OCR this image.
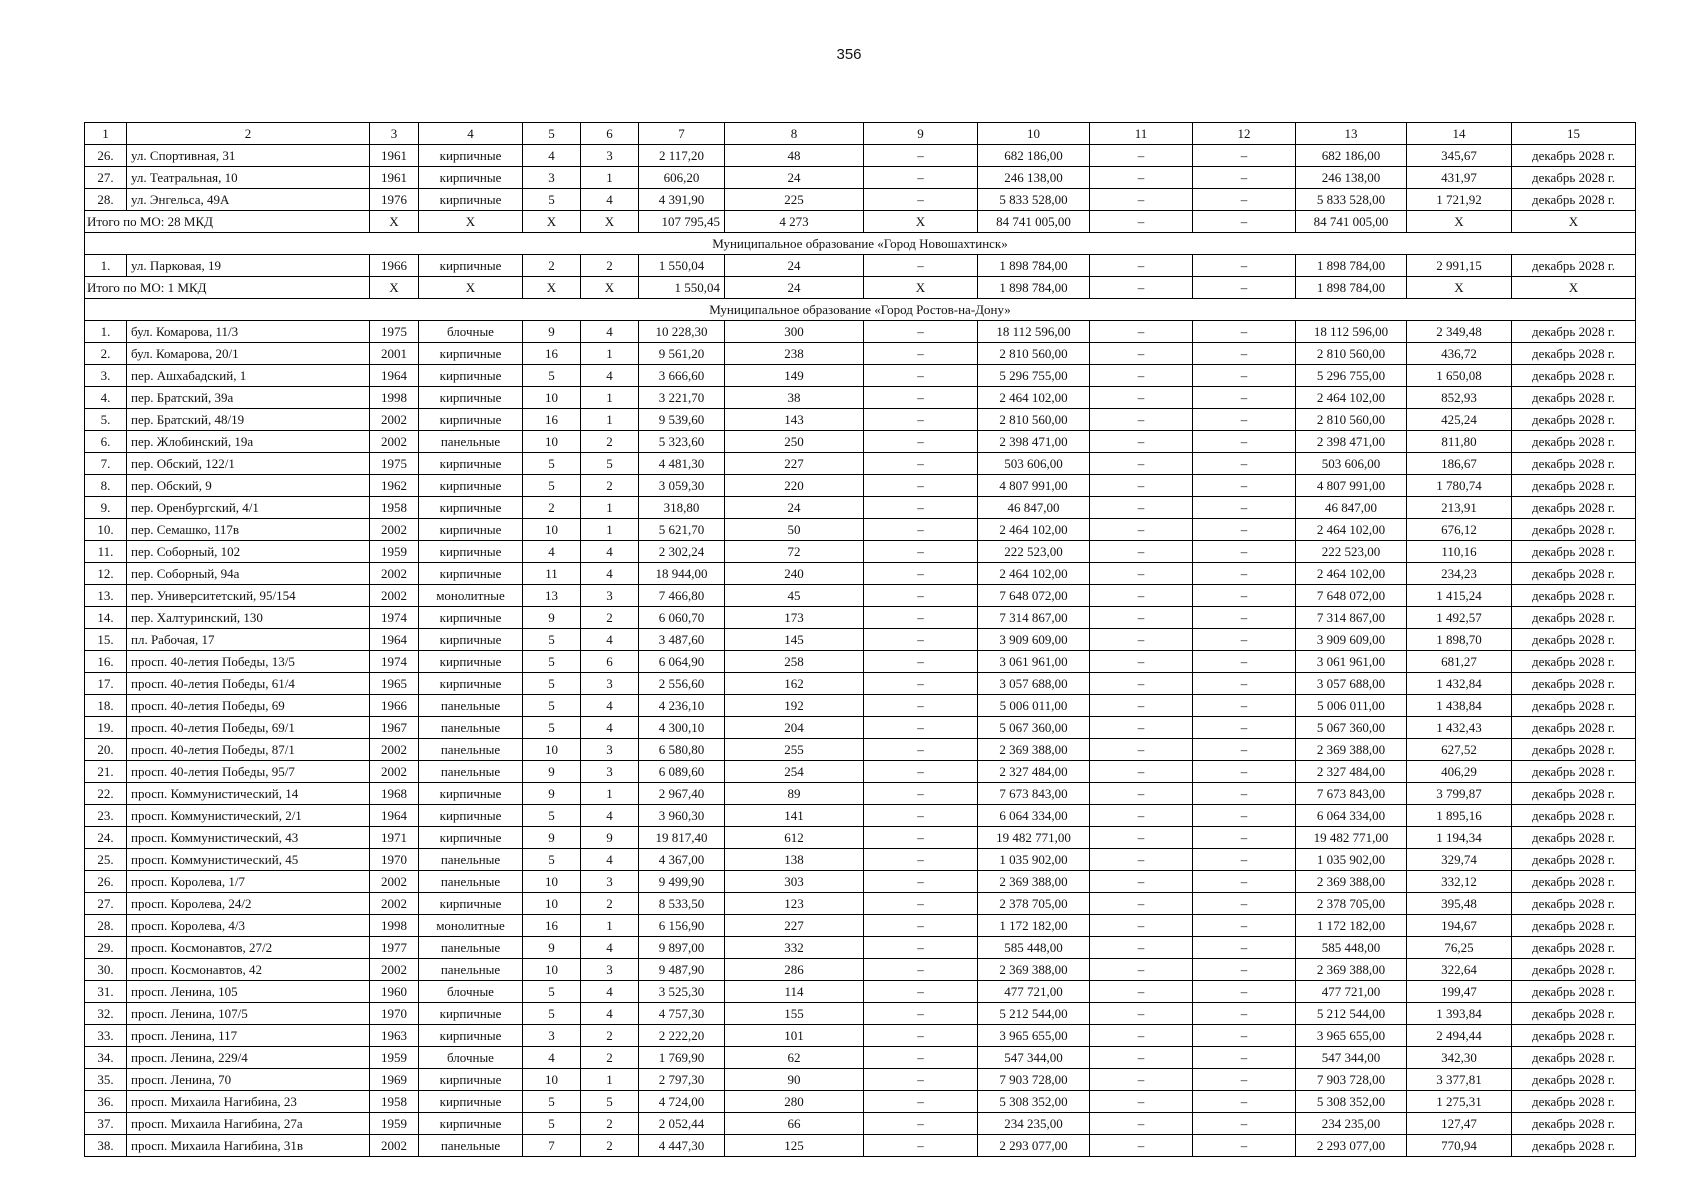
356
1	2	3	4	5	6	7	8	9	10	11	12	13	14	15
26.	ул. Спортивная, 31	1961	кирпичные	4	3	2 117,20	48	–	682 186,00	–	–	682 186,00	345,67	декабрь 2028 г.
27.	ул. Театральная, 10	1961	кирпичные	3	1	606,20	24	–	246 138,00	–	–	246 138,00	431,97	декабрь 2028 г.
28.	ул. Энгельса, 49А	1976	кирпичные	5	4	4 391,90	225	–	5 833 528,00	–	–	5 833 528,00	1 721,92	декабрь 2028 г.
Итого по МО: 28 МКД		X	X	X	X	107 795,45	4 273	X	84 741 005,00	–	–	84 741 005,00	X	X
Муниципальное образование «Город Новошахтинск»														
1.	ул. Парковая, 19	1966	кирпичные	2	2	1 550,04	24	–	1 898 784,00	–	–	1 898 784,00	2 991,15	декабрь 2028 г.
Итого по МО: 1 МКД		X	X	X	X	1 550,04	24	X	1 898 784,00	–	–	1 898 784,00	X	X
Муниципальное образование «Город Ростов-на-Дону»														
1.	бул. Комарова, 11/3	1975	блочные	9	4	10 228,30	300	–	18 112 596,00	–	–	18 112 596,00	2 349,48	декабрь 2028 г.
2.	бул. Комарова, 20/1	2001	кирпичные	16	1	9 561,20	238	–	2 810 560,00	–	–	2 810 560,00	436,72	декабрь 2028 г.
3.	пер. Ашхабадский, 1	1964	кирпичные	5	4	3 666,60	149	–	5 296 755,00	–	–	5 296 755,00	1 650,08	декабрь 2028 г.
4.	пер. Братский, 39а	1998	кирпичные	10	1	3 221,70	38	–	2 464 102,00	–	–	2 464 102,00	852,93	декабрь 2028 г.
5.	пер. Братский, 48/19	2002	кирпичные	16	1	9 539,60	143	–	2 810 560,00	–	–	2 810 560,00	425,24	декабрь 2028 г.
6.	пер. Жлобинский, 19а	2002	панельные	10	2	5 323,60	250	–	2 398 471,00	–	–	2 398 471,00	811,80	декабрь 2028 г.
7.	пер. Обский, 122/1	1975	кирпичные	5	5	4 481,30	227	–	503 606,00	–	–	503 606,00	186,67	декабрь 2028 г.
8.	пер. Обский, 9	1962	кирпичные	5	2	3 059,30	220	–	4 807 991,00	–	–	4 807 991,00	1 780,74	декабрь 2028 г.
9.	пер. Оренбургский, 4/1	1958	кирпичные	2	1	318,80	24	–	46 847,00	–	–	46 847,00	213,91	декабрь 2028 г.
10.	пер. Семашко, 117в	2002	кирпичные	10	1	5 621,70	50	–	2 464 102,00	–	–	2 464 102,00	676,12	декабрь 2028 г.
11.	пер. Соборный, 102	1959	кирпичные	4	4	2 302,24	72	–	222 523,00	–	–	222 523,00	110,16	декабрь 2028 г.
12.	пер. Соборный, 94а	2002	кирпичные	11	4	18 944,00	240	–	2 464 102,00	–	–	2 464 102,00	234,23	декабрь 2028 г.
13.	пер. Университетский, 95/154	2002	монолитные	13	3	7 466,80	45	–	7 648 072,00	–	–	7 648 072,00	1 415,24	декабрь 2028 г.
14.	пер. Халтуринский, 130	1974	кирпичные	9	2	6 060,70	173	–	7 314 867,00	–	–	7 314 867,00	1 492,57	декабрь 2028 г.
15.	пл. Рабочая, 17	1964	кирпичные	5	4	3 487,60	145	–	3 909 609,00	–	–	3 909 609,00	1 898,70	декабрь 2028 г.
16.	просп. 40-летия Победы, 13/5	1974	кирпичные	5	6	6 064,90	258	–	3 061 961,00	–	–	3 061 961,00	681,27	декабрь 2028 г.
17.	просп. 40-летия Победы, 61/4	1965	кирпичные	5	3	2 556,60	162	–	3 057 688,00	–	–	3 057 688,00	1 432,84	декабрь 2028 г.
18.	просп. 40-летия Победы, 69	1966	панельные	5	4	4 236,10	192	–	5 006 011,00	–	–	5 006 011,00	1 438,84	декабрь 2028 г.
19.	просп. 40-летия Победы, 69/1	1967	панельные	5	4	4 300,10	204	–	5 067 360,00	–	–	5 067 360,00	1 432,43	декабрь 2028 г.
20.	просп. 40-летия Победы, 87/1	2002	панельные	10	3	6 580,80	255	–	2 369 388,00	–	–	2 369 388,00	627,52	декабрь 2028 г.
21.	просп. 40-летия Победы, 95/7	2002	панельные	9	3	6 089,60	254	–	2 327 484,00	–	–	2 327 484,00	406,29	декабрь 2028 г.
22.	просп. Коммунистический, 14	1968	кирпичные	9	1	2 967,40	89	–	7 673 843,00	–	–	7 673 843,00	3 799,87	декабрь 2028 г.
23.	просп. Коммунистический, 2/1	1964	кирпичные	5	4	3 960,30	141	–	6 064 334,00	–	–	6 064 334,00	1 895,16	декабрь 2028 г.
24.	просп. Коммунистический, 43	1971	кирпичные	9	9	19 817,40	612	–	19 482 771,00	–	–	19 482 771,00	1 194,34	декабрь 2028 г.
25.	просп. Коммунистический, 45	1970	панельные	5	4	4 367,00	138	–	1 035 902,00	–	–	1 035 902,00	329,74	декабрь 2028 г.
26.	просп. Королева, 1/7	2002	панельные	10	3	9 499,90	303	–	2 369 388,00	–	–	2 369 388,00	332,12	декабрь 2028 г.
27.	просп. Королева, 24/2	2002	кирпичные	10	2	8 533,50	123	–	2 378 705,00	–	–	2 378 705,00	395,48	декабрь 2028 г.
28.	просп. Королева, 4/3	1998	монолитные	16	1	6 156,90	227	–	1 172 182,00	–	–	1 172 182,00	194,67	декабрь 2028 г.
29.	просп. Космонавтов, 27/2	1977	панельные	9	4	9 897,00	332	–	585 448,00	–	–	585 448,00	76,25	декабрь 2028 г.
30.	просп. Космонавтов, 42	2002	панельные	10	3	9 487,90	286	–	2 369 388,00	–	–	2 369 388,00	322,64	декабрь 2028 г.
31.	просп. Ленина, 105	1960	блочные	5	4	3 525,30	114	–	477 721,00	–	–	477 721,00	199,47	декабрь 2028 г.
32.	просп. Ленина, 107/5	1970	кирпичные	5	4	4 757,30	155	–	5 212 544,00	–	–	5 212 544,00	1 393,84	декабрь 2028 г.
33.	просп. Ленина, 117	1963	кирпичные	3	2	2 222,20	101	–	3 965 655,00	–	–	3 965 655,00	2 494,44	декабрь 2028 г.
34.	просп. Ленина, 229/4	1959	блочные	4	2	1 769,90	62	–	547 344,00	–	–	547 344,00	342,30	декабрь 2028 г.
35.	просп. Ленина, 70	1969	кирпичные	10	1	2 797,30	90	–	7 903 728,00	–	–	7 903 728,00	3 377,81	декабрь 2028 г.
36.	просп. Михаила Нагибина, 23	1958	кирпичные	5	5	4 724,00	280	–	5 308 352,00	–	–	5 308 352,00	1 275,31	декабрь 2028 г.
37.	просп. Михаила Нагибина, 27а	1959	кирпичные	5	2	2 052,44	66	–	234 235,00	–	–	234 235,00	127,47	декабрь 2028 г.
38.	просп. Михаила Нагибина, 31в	2002	панельные	7	2	4 447,30	125	–	2 293 077,00	–	–	2 293 077,00	770,94	декабрь 2028 г.
